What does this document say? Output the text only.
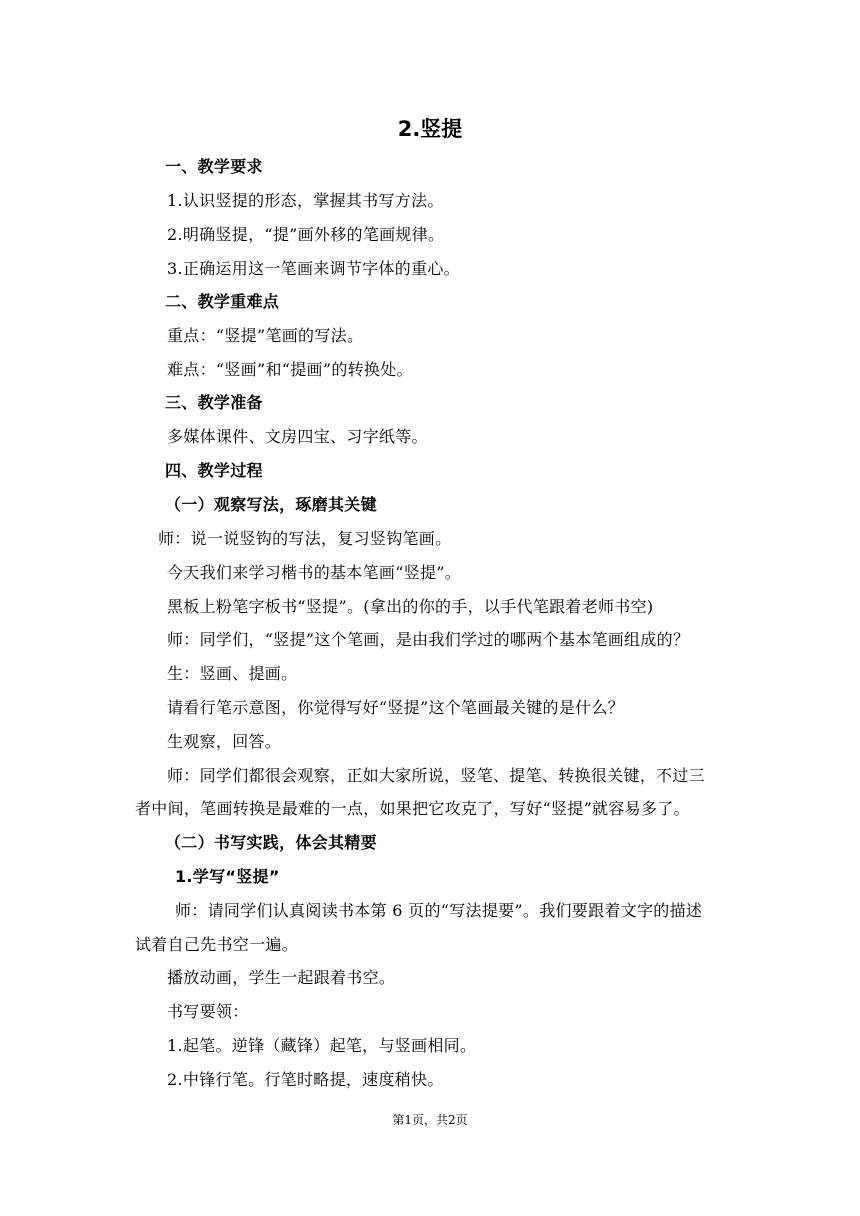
2.竖提
一、教学要求
1.认识竖提的形态，掌握其书写方法。
2.明确竖提，“提”画外移的笔画规律。
3.正确运用这一笔画来调节字体的重心。
二、教学重难点
重点：“竖提”笔画的写法。
难点：“竖画”和“提画”的转换处。
三、教学准备
多媒体课件、文房四宝、习字纸等。
四、教学过程
（一）观察写法，琢磨其关键
师：说一说竖钩的写法，复习竖钩笔画。
今天我们来学习楷书的基本笔画“竖提”。
黑板上粉笔字板书“竖提”。(拿出的你的手，以手代笔跟着老师书空)
师：同学们，“竖提”这个笔画，是由我们学过的哪两个基本笔画组成的？
生：竖画、提画。
请看行笔示意图，你觉得写好“竖提”这个笔画最关键的是什么？
生观察，回答。
师：同学们都很会观察，正如大家所说，竖笔、提笔、转换很关键，不过三
者中间，笔画转换是最难的一点，如果把它攻克了，写好“竖提”就容易多了。
（二）书写实践，体会其精要
1.学写“竖提”
师：请同学们认真阅读书本第 6 页的“写法提要”。我们要跟着文字的描述
试着自己先书空一遍。
播放动画，学生一起跟着书空。
书写要领：
1.起笔。逆锋（藏锋）起笔，与竖画相同。
2.中锋行笔。行笔时略提，速度稍快。
第1页，共2页
